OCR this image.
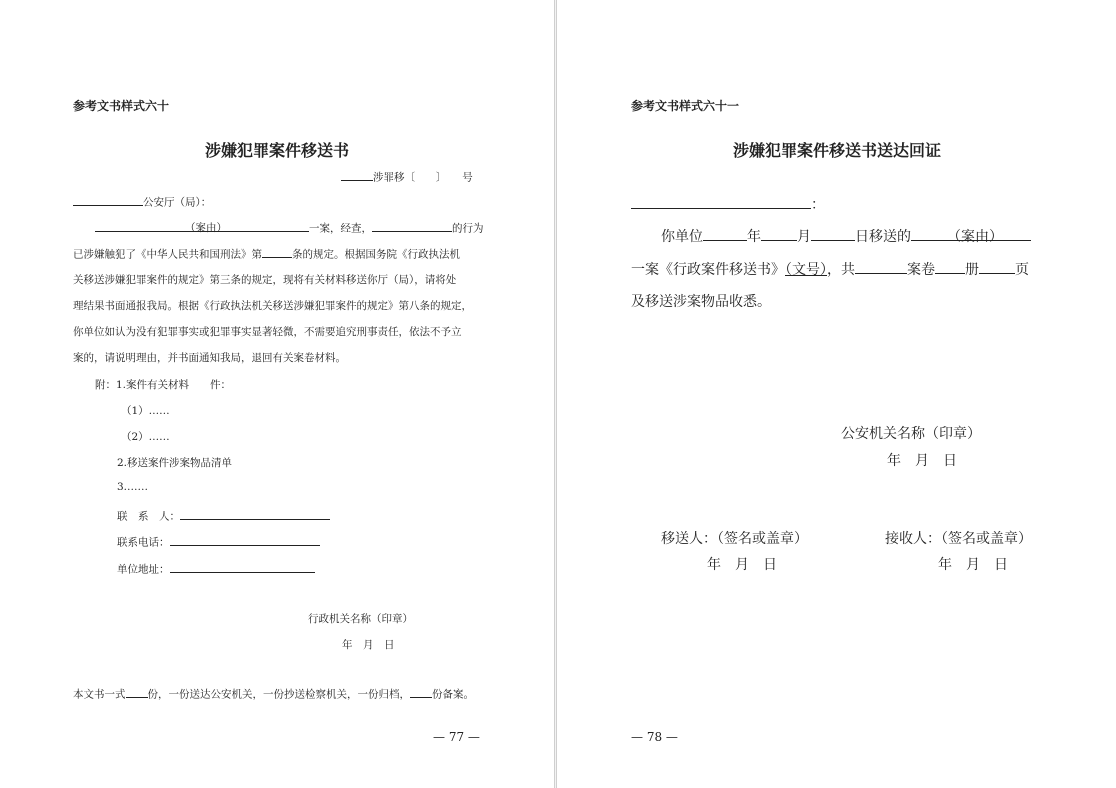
参考文书样式六十
涉嫌犯罪案件移送书
涉罪移〔　　〕　　号
公安厅（局）：
（案由）	一案，经查，	的行为
已涉嫌触犯了《中华人民共和国刑法》第	条的规定。根据国务院《行政执法机
关移送涉嫌犯罪案件的规定》第三条的规定，现将有关材料移送你厅（局），请将处
理结果书面通报我局。根据《行政执法机关移送涉嫌犯罪案件的规定》第八条的规定，
你单位如认为没有犯罪事实或犯罪事实显著轻微，不需要追究刑事责任，依法不予立
案的，请说明理由，并书面通知我局，退回有关案卷材料。
附：1.案件有关材料　　件：
（1）……
（2）……
2.移送案件涉案物品清单
3.……
联　系　人：
联系电话：
单位地址：
行政机关名称（印章）
年　月　日
本文书一式 份，一份送达公安机关，一份抄送检察机关，一份归档， 份备案。
— 77 —
参考文书样式六十一
涉嫌犯罪案件移送书送达回证
：
你单位	年	月	日移送的	（案由）
一案《行政案件移送书》（文号），共	案卷 册	页
及移送涉案物品收悉。
公安机关名称（印章）
年　月　日
移送人：（签名或盖章）
年　月　日
接收人：（签名或盖章）
年　月　日
— 78 —
